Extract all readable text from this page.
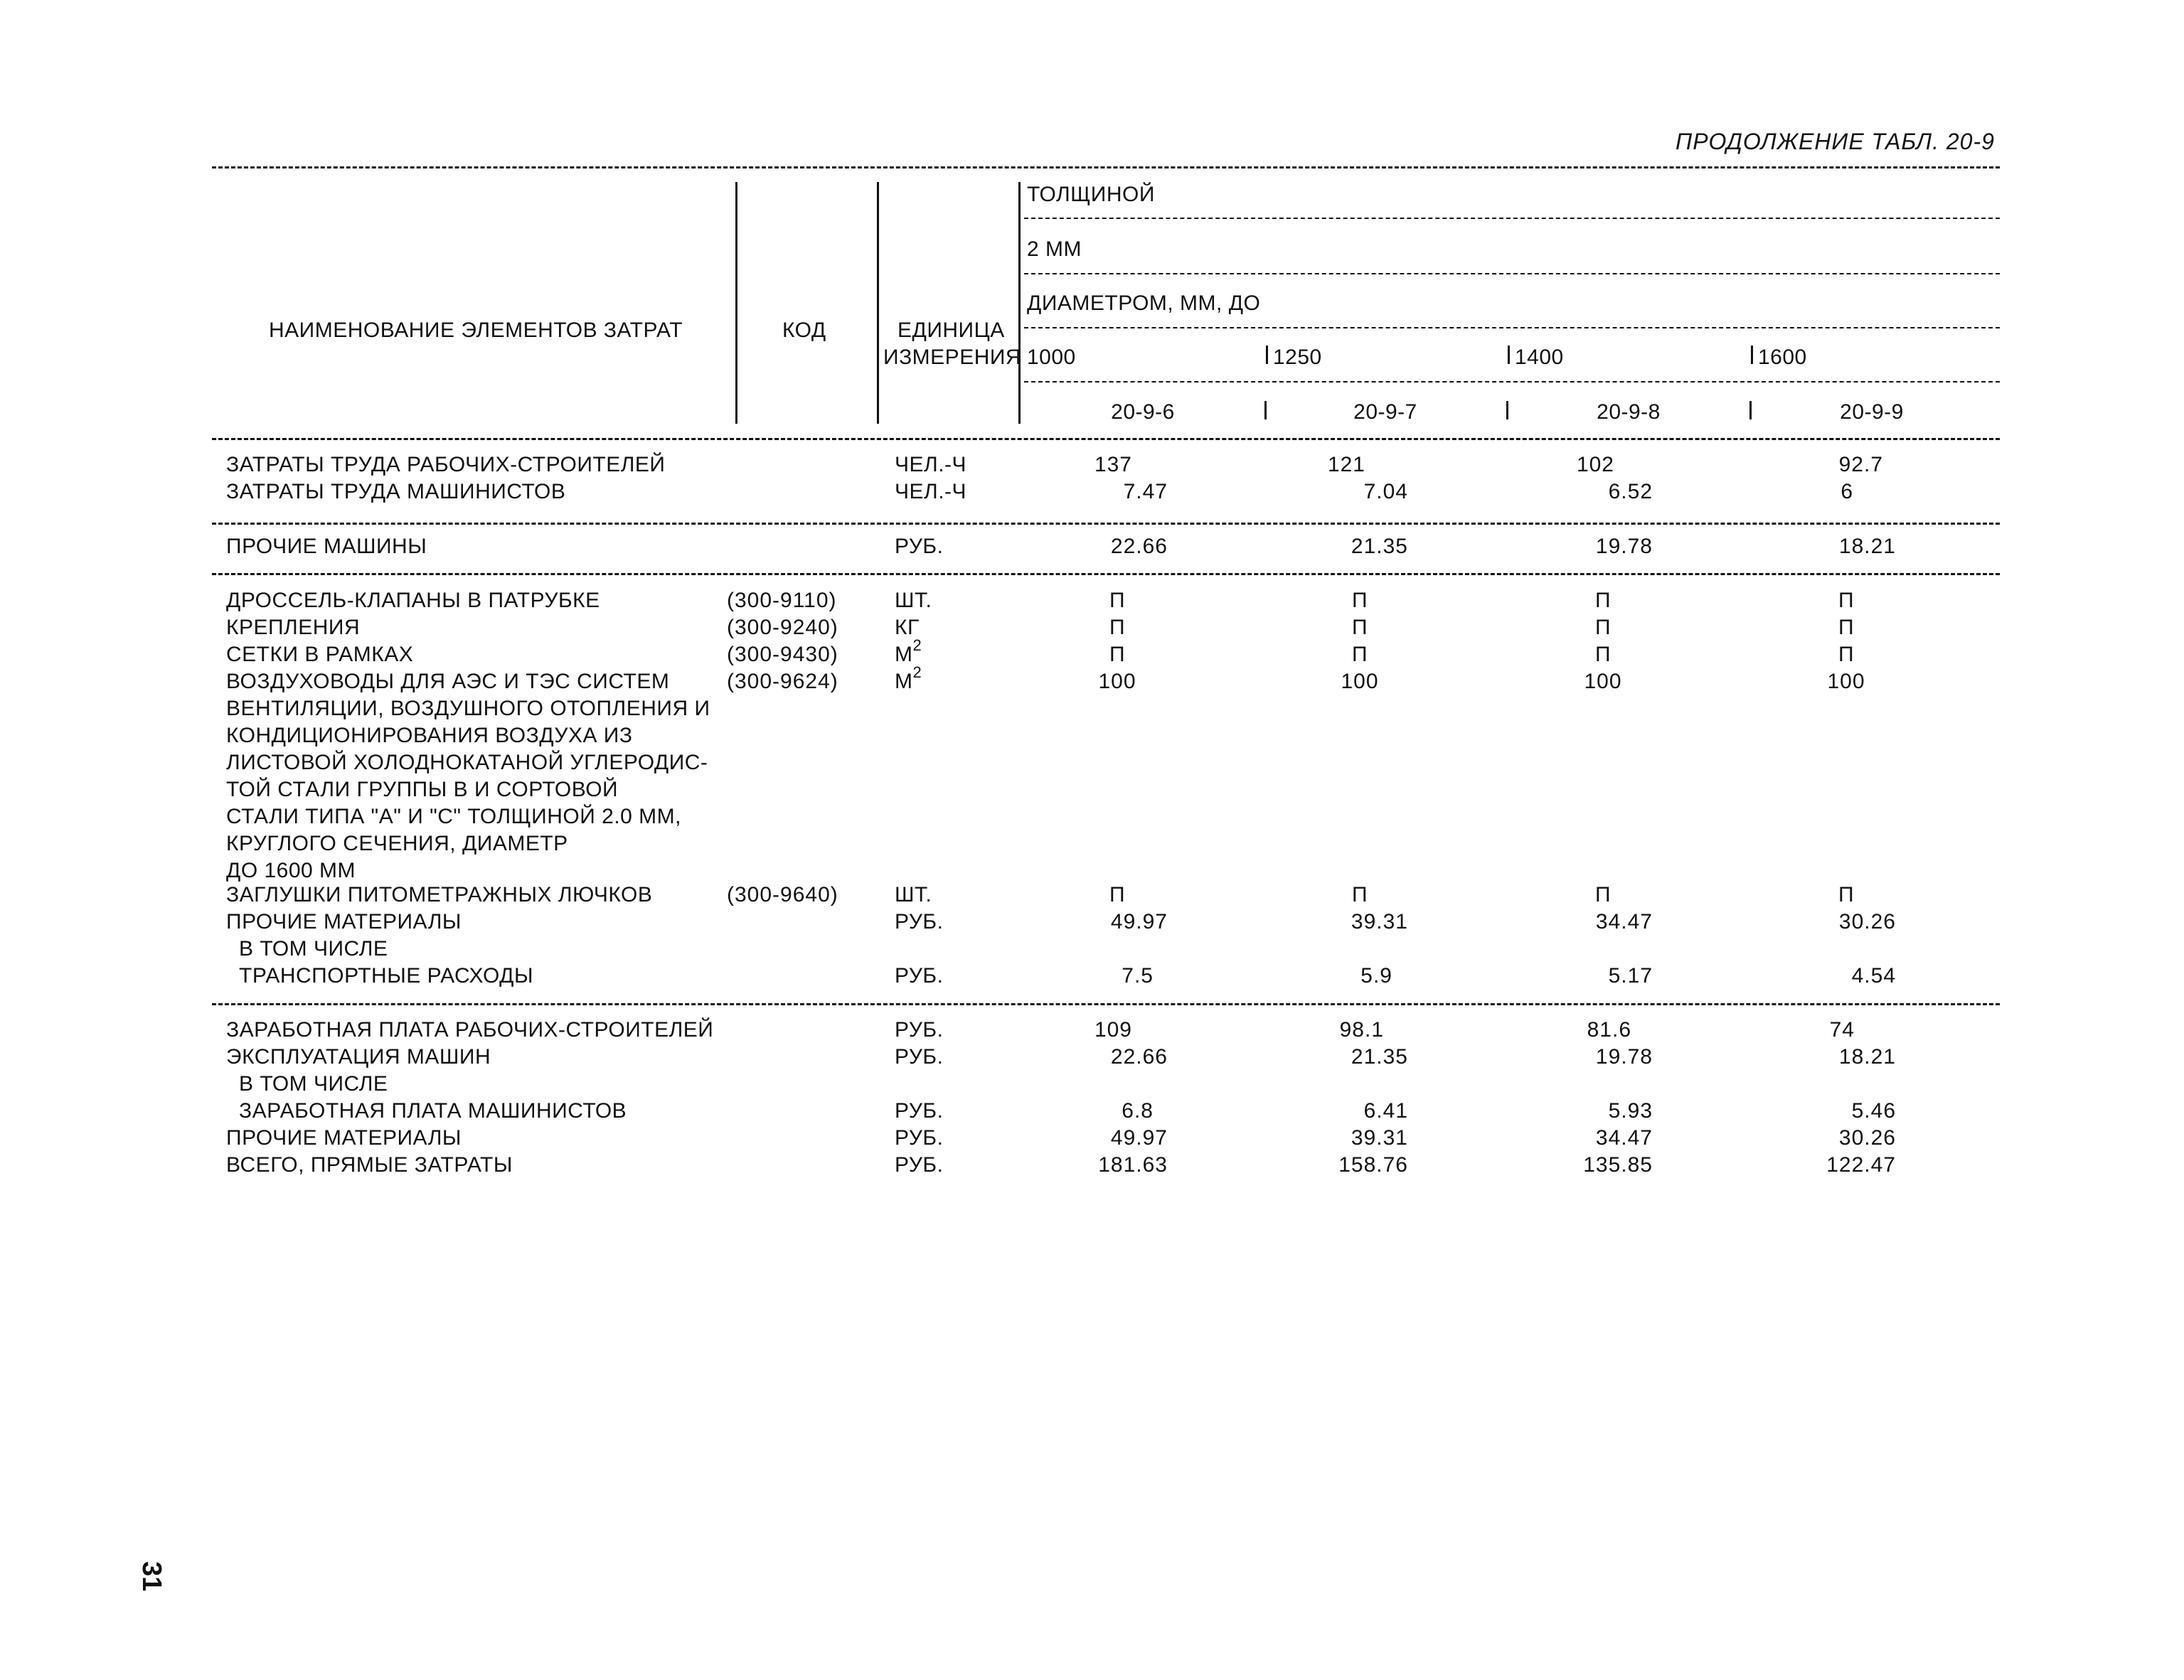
ПРОДОЛЖЕНИЕ ТАБЛ. 20-9
НАИМЕНОВАНИЕ ЭЛЕМЕНТОВ ЗАТРАТ	КОД	ЕДИНИЦА
ИЗМЕРЕНИЯ
ТОЛЩИНОЙ
2 ММ
ДИАМЕТРОМ, ММ, ДО
1000	1250	1400	1600
20-9-6	20-9-7	20-9-8	20-9-9
ЗАТРАТЫ ТРУДА РАБОЧИХ-СТРОИТЕЛЕЙ	ЧЕЛ.-Ч	137	121	102	92.7
ЗАТРАТЫ ТРУДА МАШИНИСТОВ	ЧЕЛ.-Ч	7.47	7.04	6.52	6
ПРОЧИЕ МАШИНЫ	РУБ.	22.66	21.35	19.78	18.21
ДРОССЕЛЬ-КЛАПАНЫ В ПАТРУБКЕ	(300-9110)	ШТ.	П	П	П	П
КРЕПЛЕНИЯ	(300-9240)	КГ	П	П	П	П
СЕТКИ В РАМКАХ	(300-9430)	$М^2$	П	П	П	П
ВОЗДУХОВОДЫ ДЛЯ АЭС И ТЭС СИСТЕМ
ВЕНТИЛЯЦИИ, ВОЗДУШНОГО ОТОПЛЕНИЯ И
КОНДИЦИОНИРОВАНИЯ ВОЗДУХА ИЗ
ЛИСТОВОЙ ХОЛОДНОКАТАНОЙ УГЛЕРОДИС-
ТОЙ СТАЛИ ГРУППЫ В И СОРТОВОЙ
СТАЛИ ТИПА "А" И "С" ТОЛЩИНОЙ 2.0 ММ,
КРУГЛОГО СЕЧЕНИЯ, ДИАМЕТР
ДО 1600 ММ
(300-9624)	$М^2$	100	100	100	100
ЗАГЛУШКИ ПИТОМЕТРАЖНЫХ ЛЮЧКОВ	(300-9640)	ШТ.	П	П	П	П
ПРОЧИЕ МАТЕРИАЛЫ	РУБ.	49.97	39.31	34.47	30.26
В ТОМ ЧИСЛЕ
ТРАНСПОРТНЫЕ РАСХОДЫ	РУБ.	7.5	5.9	5.17	4.54
ЗАРАБОТНАЯ ПЛАТА РАБОЧИХ-СТРОИТЕЛЕЙ	РУБ.	109	98.1	81.6	74
ЭКСПЛУАТАЦИЯ МАШИН	РУБ.	22.66	21.35	19.78	18.21
В ТОМ ЧИСЛЕ
ЗАРАБОТНАЯ ПЛАТА МАШИНИСТОВ	РУБ.	6.8	6.41	5.93	5.46
ПРОЧИЕ МАТЕРИАЛЫ	РУБ.	49.97	39.31	34.47	30.26
ВСЕГО, ПРЯМЫЕ ЗАТРАТЫ	РУБ.	181.63	158.76	135.85	122.47
31
